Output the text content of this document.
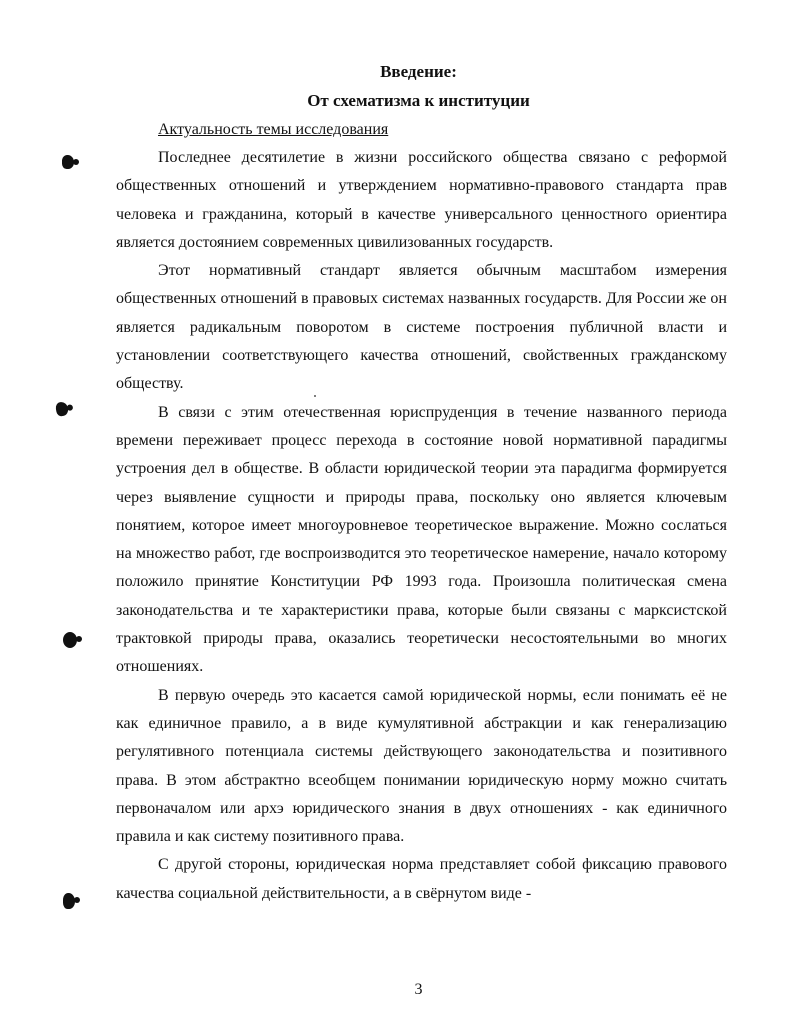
Введение:
От схематизма к институции
Актуальность темы исследования

Последнее десятилетие в жизни российского общества связано с реформой общественных отношений и утверждением нормативно-правового стандарта прав человека и гражданина, который в качестве универсального ценностного ориентира является достоянием современных цивилизованных государств.

Этот нормативный стандарт является обычным масштабом измерения общественных отношений в правовых системах названных государств. Для России же он является радикальным поворотом в системе построения публичной власти и установлении соответствующего качества отношений, свойственных гражданскому обществу.

В связи с этим отечественная юриспруденция в течение названного периода времени переживает процесс перехода в состояние новой нормативной парадигмы устроения дел в обществе. В области юридической теории эта парадигма формируется через выявление сущности и природы права, поскольку оно является ключевым понятием, которое имеет многоуровневое теоретическое выражение. Можно сослаться на множество работ, где воспроизводится это теоретическое намерение, начало которому положило принятие Конституции РФ 1993 года. Произошла политическая смена законодательства и те характеристики права, которые были связаны с марксистской трактовкой природы права, оказались теоретически несостоятельными во многих отношениях.

В первую очередь это касается самой юридической нормы, если понимать её не как единичное правило, а в виде кумулятивной абстракции и как генерализацию регулятивного потенциала системы действующего законодательства и позитивного права. В этом абстрактно всеобщем понимании юридическую норму можно считать первоначалом или архэ юридического знания в двух отношениях - как единичного правила и как систему позитивного права.

С другой стороны, юридическая норма представляет собой фиксацию правового качества социальной действительности, а в свёрнутом виде -

3
